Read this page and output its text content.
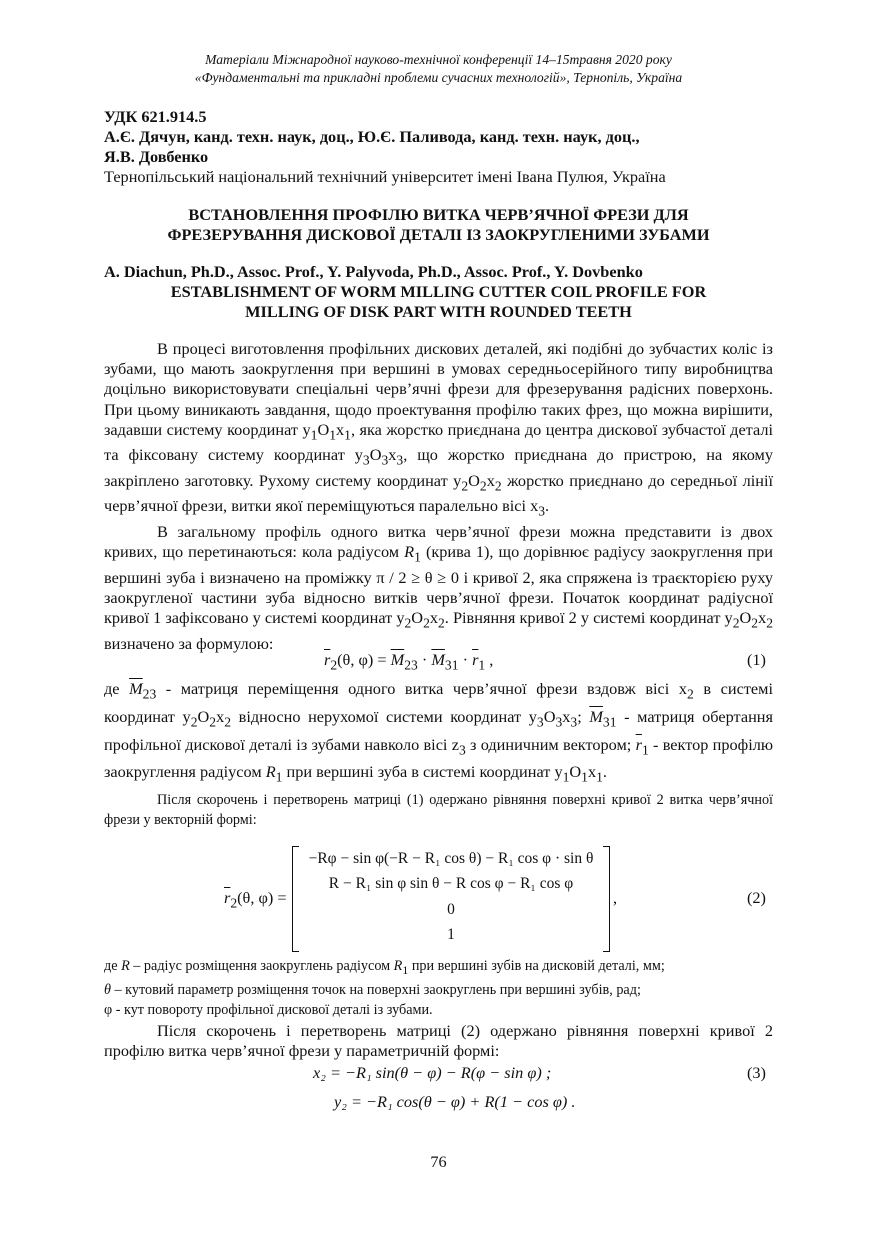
Матеріали Міжнародної науково-технічної конференції 14–15травня 2020 року
«Фундаментальні та прикладні проблеми сучасних технологій», Тернопіль, Україна
УДК 621.914.5
А.Є. Дячун, канд. техн. наук, доц., Ю.Є. Паливода, канд. техн. наук, доц.,
Я.В. Довбенко
Тернопільський національний технічний університет імені Івана Пулюя, Україна
ВСТАНОВЛЕННЯ ПРОФІЛЮ ВИТКА ЧЕРВ’ЯЧНОЇ ФРЕЗИ ДЛЯ
ФРЕЗЕРУВАННЯ ДИСКОВОЇ ДЕТАЛІ ІЗ ЗАОКРУГЛЕНИМИ ЗУБАМИ
A. Diachun, Ph.D., Assoc. Prof., Y. Palyvoda, Ph.D., Assoc. Prof., Y. Dovbenko
ESTABLISHMENT OF WORM MILLING CUTTER COIL PROFILE FOR
MILLING OF DISK PART WITH ROUNDED TEETH
В процесі виготовлення профільних дискових деталей, які подібні до зубчастих коліс із зубами, що мають заокруглення при вершині в умовах середньосерійного типу виробництва доцільно використовувати спеціальні черв’ячні фрези для фрезерування радісних поверхонь. При цьому виникають завдання, щодо проектування профілю таких фрез, що можна вирішити, задавши систему координат $y_1O_1x_1$, яка жорстко приєднана до центра дискової зубчастої деталі та фіксовану систему координат $y_3O_3x_3$, що жорстко приєднана до пристрою, на якому закріплено заготовку. Рухому систему координат $y_2O_2x_2$ жорстко приєднано до середньої лінії черв’ячної фрези, витки якої переміщуються паралельно вісі $x_3$.
В загальному профіль одного витка черв’ячної фрези можна представити із двох кривих, що перетинаються: кола радіусом $R_1$ (крива 1), що дорівнює радіусу заокруглення при вершині зуба і визначено на проміжку π / 2 ≥ θ ≥ 0 і кривої 2, яка спряжена із траєкторією руху заокругленої частини зуба відносно витків черв’ячної фрези. Початок координат радіусної кривої 1 зафіксовано у системі координат $y_2O_2x_2$. Рівняння кривої 2 у системі координат $y_2O_2x_2$ визначено за формулою:
$\overline{r}_2(\theta$, $\varphi) = \overline{M}_{23} \cdot \overline{M}_{31} \cdot \overline{r}_1$ ,	(1)
де $\overline{M}_{23}$ - матриця переміщення одного витка черв’ячної фрези вздовж вісі $x_2$ в системі координат $y_2O_2x_2$ відносно нерухомої системи координат $y_3O_3x_3$; $\overline{M}_{31}$ - матриця обертання профільної дискової деталі із зубами навколо вісі $z_3$ з одиничним вектором; $\overline{r}_1$ - вектор профілю заокруглення радіусом $R_1$ при вершині зуба в системі координат $y_1O_1x_1$.
Після скорочень і перетворень матриці (1) одержано рівняння поверхні кривої 2 витка черв’ячної фрези у векторній формі:
$\overline{r}_2(\theta$, φ) =
−Rφ − sin φ(−R − R₁ cos θ) − R₁ cos φ · sin θ
R − R₁ sin φ sin θ − R cos φ − R₁ cos φ
0
1
,	(2)
де R – радіус розміщення заокруглень радіусом $R_1$ при вершині зубів на дисковій деталі, мм;
θ – кутовий параметр розміщення точок на поверхні заокруглень при вершині зубів, рад;
φ - кут повороту профільної дискової деталі із зубами.
Після скорочень і перетворень матриці (2) одержано рівняння поверхні кривої 2 профілю витка черв’ячної фрези у параметричній формі:
x₂ = −R₁ sin(θ − φ) − R(φ − sin φ) ;	(3)
y₂ = −R₁ cos(θ − φ) + R(1 − cos φ) .
76
